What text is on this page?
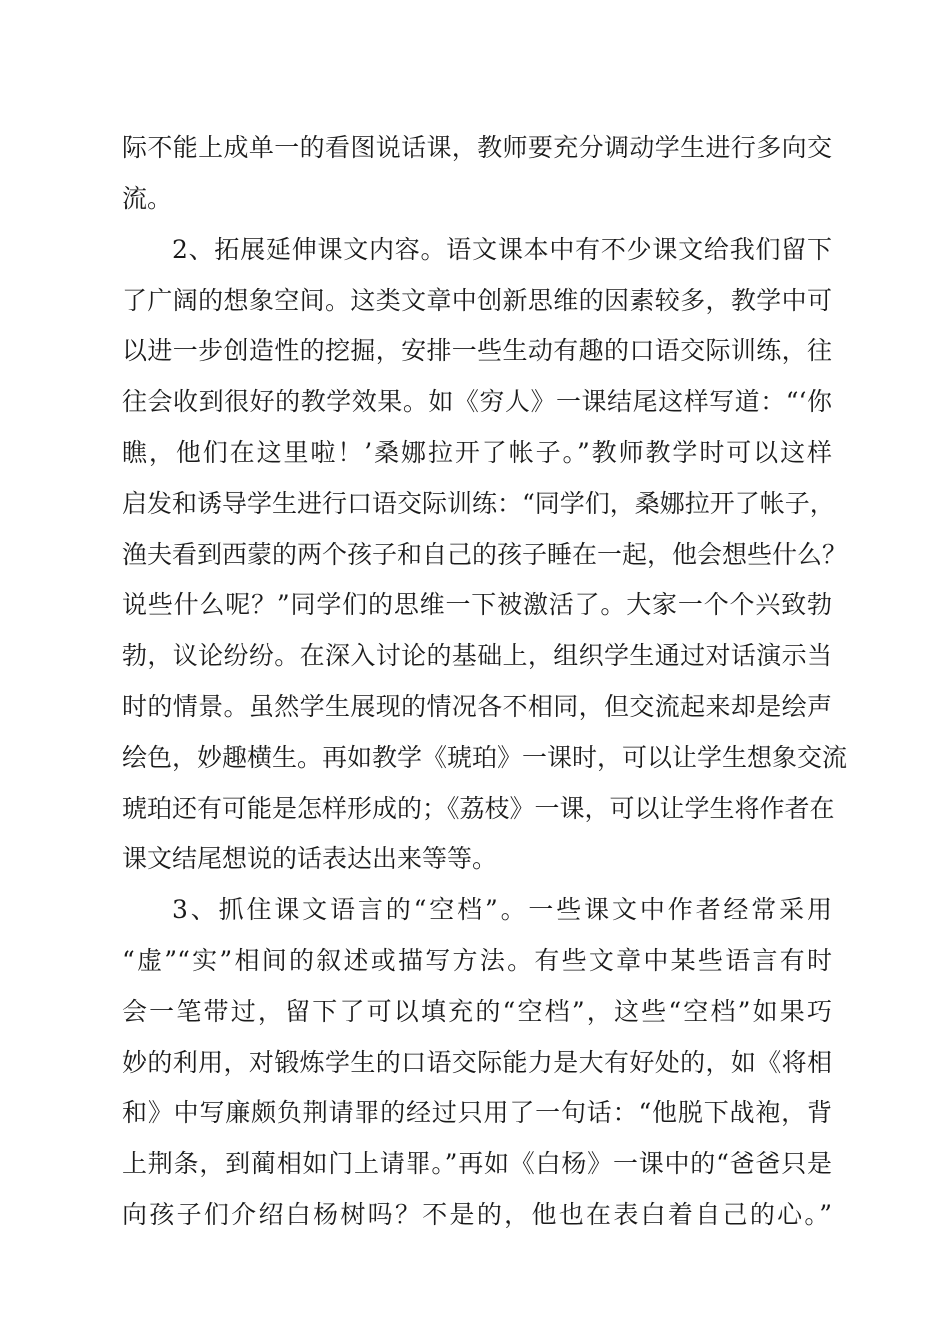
际不能上成单一的看图说话课，教师要充分调动学生进行多向交
流。
2、拓展延伸课文内容。语文课本中有不少课文给我们留下
了广阔的想象空间。这类文章中创新思维的因素较多，教学中可
以进一步创造性的挖掘，安排一些生动有趣的口语交际训练，往
往会收到很好的教学效果。如《穷人》一课结尾这样写道：“‘你
瞧，他们在这里啦！’桑娜拉开了帐子。”教师教学时可以这样
启发和诱导学生进行口语交际训练：“同学们，桑娜拉开了帐子，
渔夫看到西蒙的两个孩子和自己的孩子睡在一起，他会想些什么？
说些什么呢？”同学们的思维一下被激活了。大家一个个兴致勃
勃，议论纷纷。在深入讨论的基础上，组织学生通过对话演示当
时的情景。虽然学生展现的情况各不相同，但交流起来却是绘声
绘色，妙趣横生。再如教学《琥珀》一课时，可以让学生想象交流
琥珀还有可能是怎样形成的；《荔枝》一课，可以让学生将作者在
课文结尾想说的话表达出来等等。
3、抓住课文语言的“空档”。一些课文中作者经常采用
“虚”“实”相间的叙述或描写方法。有些文章中某些语言有时
会一笔带过，留下了可以填充的“空档”，这些“空档”如果巧
妙的利用，对锻炼学生的口语交际能力是大有好处的，如《将相
和》中写廉颇负荆请罪的经过只用了一句话：“他脱下战袍，背
上荆条，到蔺相如门上请罪。”再如《白杨》一课中的“爸爸只是
向孩子们介绍白杨树吗？不是的，他也在表白着自己的心。”
